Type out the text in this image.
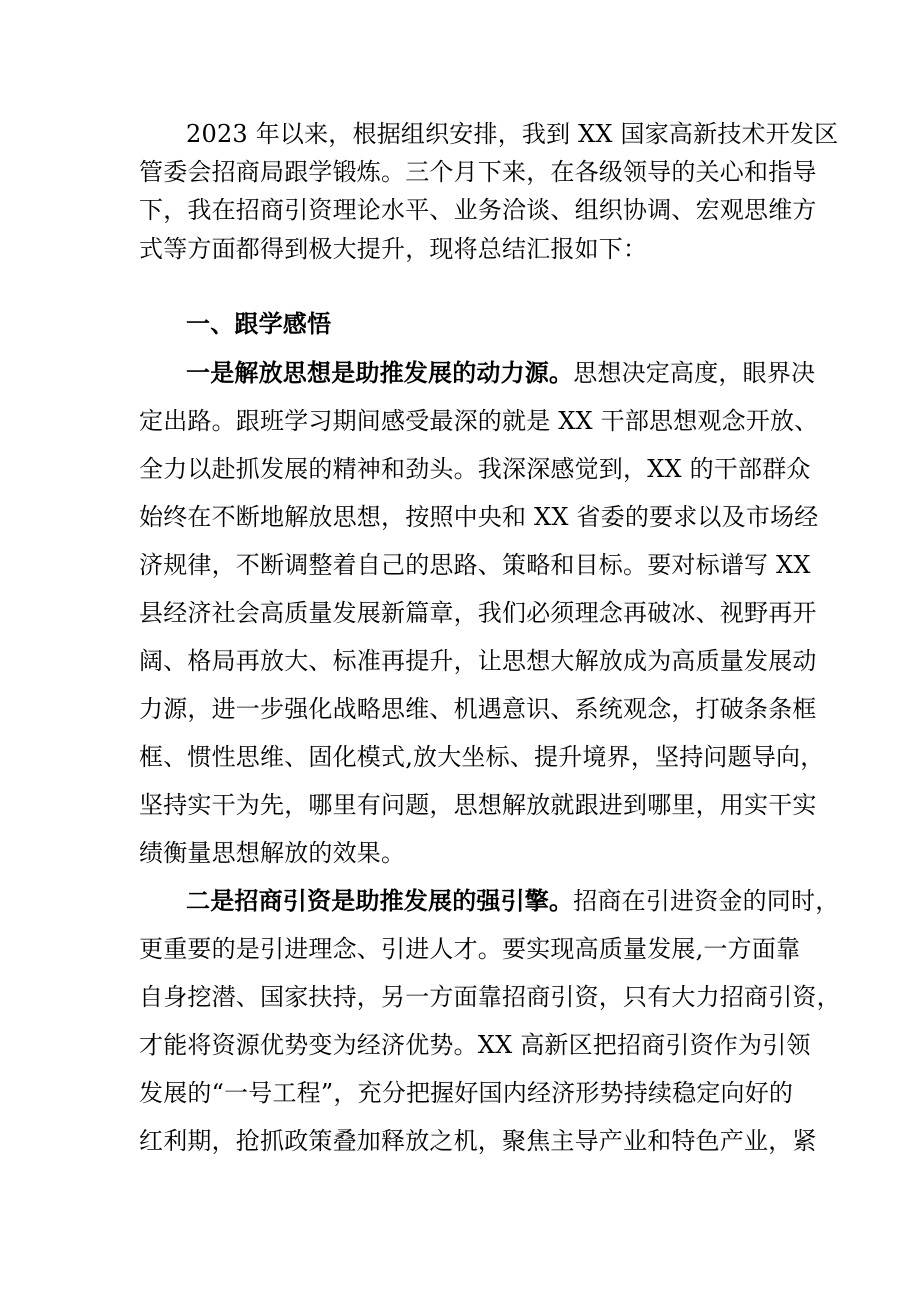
2023 年以来，根据组织安排，我到 XX 国家高新技术开发区
管委会招商局跟学锻炼。三个月下来，在各级领导的关心和指导
下，我在招商引资理论水平、业务洽谈、组织协调、宏观思维方
式等方面都得到极大提升，现将总结汇报如下：
一、跟学感悟
一是解放思想是助推发展的动力源。思想决定高度，眼界决
定出路。跟班学习期间感受最深的就是 XX 干部思想观念开放、
全力以赴抓发展的精神和劲头。我深深感觉到，XX 的干部群众
始终在不断地解放思想，按照中央和 XX 省委的要求以及市场经
济规律，不断调整着自己的思路、策略和目标。要对标谱写 XX
县经济社会高质量发展新篇章，我们必须理念再破冰、视野再开
阔、格局再放大、标准再提升，让思想大解放成为高质量发展动
力源，进一步强化战略思维、机遇意识、系统观念，打破条条框
框、惯性思维、固化模式,放大坐标、提升境界，坚持问题导向，
坚持实干为先，哪里有问题，思想解放就跟进到哪里，用实干实
绩衡量思想解放的效果。
二是招商引资是助推发展的强引擎。招商在引进资金的同时，
更重要的是引进理念、引进人才。要实现高质量发展,一方面靠
自身挖潜、国家扶持，另一方面靠招商引资，只有大力招商引资，
才能将资源优势变为经济优势。XX 高新区把招商引资作为引领
发展的“一号工程”，充分把握好国内经济形势持续稳定向好的
红利期，抢抓政策叠加释放之机，聚焦主导产业和特色产业，紧
